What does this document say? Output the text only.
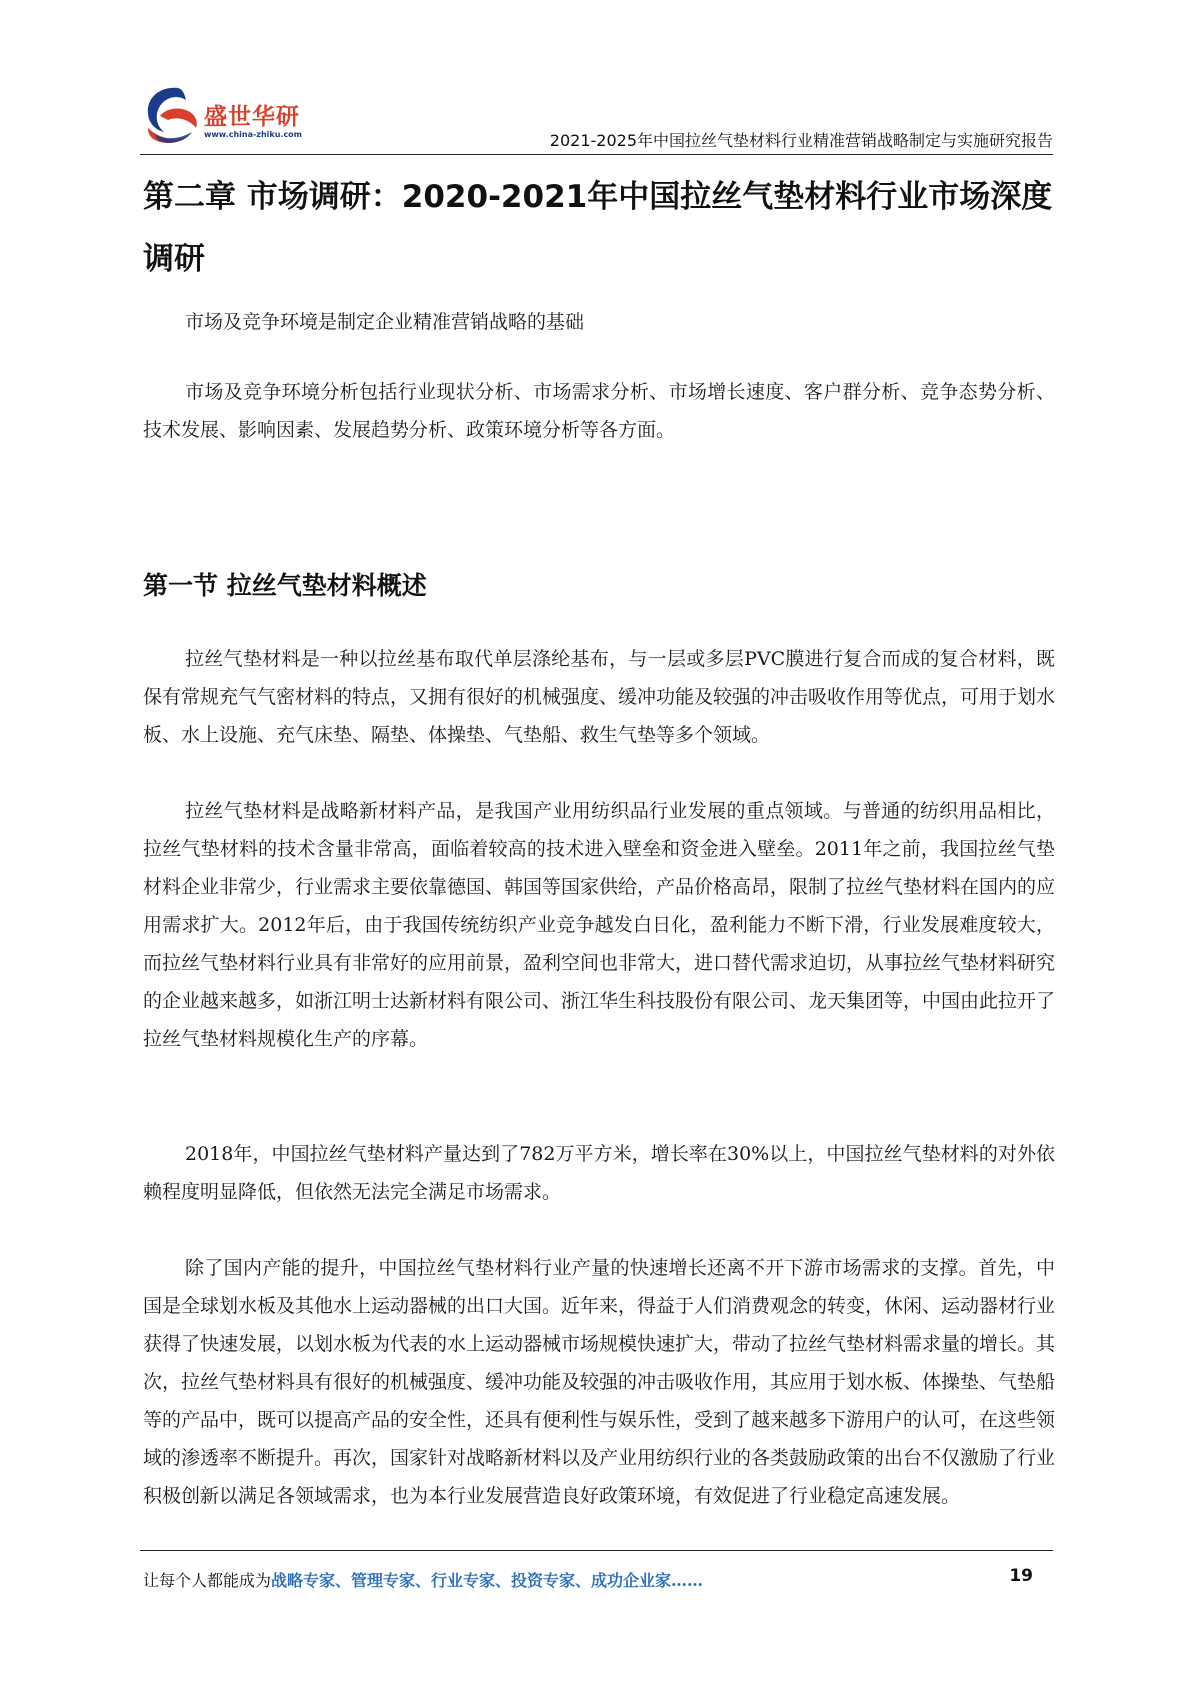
盛世华研
www.china-zhiku.com	2021-2025年中国拉丝气垫材料行业精准营销战略制定与实施研究报告
第二章 市场调研：2020-2021年中国拉丝气垫材料行业市场深度调研
市场及竞争环境是制定企业精准营销战略的基础
市场及竞争环境分析包括行业现状分析、市场需求分析、市场增长速度、客户群分析、竞争态势分析、技术发展、影响因素、发展趋势分析、政策环境分析等各方面。
第一节 拉丝气垫材料概述
拉丝气垫材料是一种以拉丝基布取代单层涤纶基布，与一层或多层PVC膜进行复合而成的复合材料，既保有常规充气气密材料的特点，又拥有很好的机械强度、缓冲功能及较强的冲击吸收作用等优点，可用于划水板、水上设施、充气床垫、隔垫、体操垫、气垫船、救生气垫等多个领域。
拉丝气垫材料是战略新材料产品，是我国产业用纺织品行业发展的重点领域。与普通的纺织用品相比，拉丝气垫材料的技术含量非常高，面临着较高的技术进入壁垒和资金进入壁垒。2011年之前，我国拉丝气垫材料企业非常少，行业需求主要依靠德国、韩国等国家供给，产品价格高昂，限制了拉丝气垫材料在国内的应用需求扩大。2012年后，由于我国传统纺织产业竞争越发白日化，盈利能力不断下滑，行业发展难度较大，而拉丝气垫材料行业具有非常好的应用前景，盈利空间也非常大，进口替代需求迫切，从事拉丝气垫材料研究的企业越来越多，如浙江明士达新材料有限公司、浙江华生科技股份有限公司、龙天集团等，中国由此拉开了拉丝气垫材料规模化生产的序幕。
2018年，中国拉丝气垫材料产量达到了782万平方米，增长率在30%以上，中国拉丝气垫材料的对外依赖程度明显降低，但依然无法完全满足市场需求。
除了国内产能的提升，中国拉丝气垫材料行业产量的快速增长还离不开下游市场需求的支撑。首先，中国是全球划水板及其他水上运动器械的出口大国。近年来，得益于人们消费观念的转变，休闲、运动器材行业获得了快速发展，以划水板为代表的水上运动器械市场规模快速扩大，带动了拉丝气垫材料需求量的增长。其次，拉丝气垫材料具有很好的机械强度、缓冲功能及较强的冲击吸收作用，其应用于划水板、体操垫、气垫船等的产品中，既可以提高产品的安全性，还具有便利性与娱乐性，受到了越来越多下游用户的认可，在这些领域的渗透率不断提升。再次，国家针对战略新材料以及产业用纺织行业的各类鼓励政策的出台不仅激励了行业积极创新以满足各领域需求，也为本行业发展营造良好政策环境，有效促进了行业稳定高速发展。
让每个人都能成为战略专家、管理专家、行业专家、投资专家、成功企业家……	19
